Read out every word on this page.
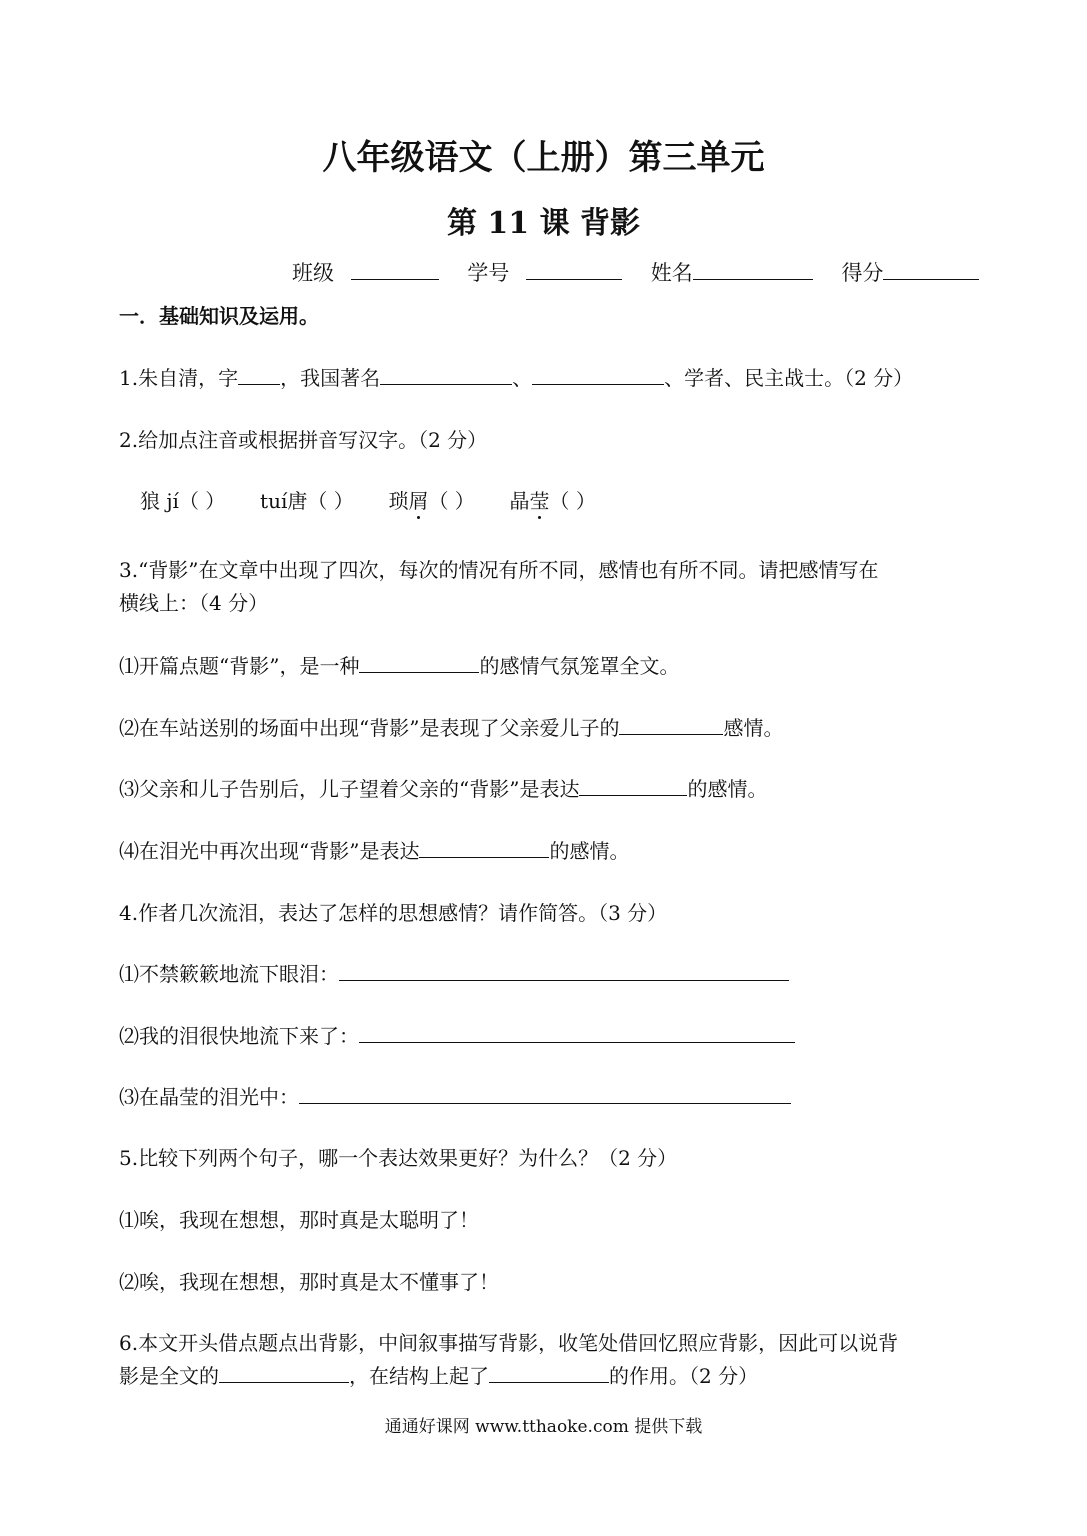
八年级语文（上册）第三单元
第 11 课 背影
班级	学号	姓名	得分
一．基础知识及运用。
1.朱自清，字 ，我国著名	、	、学者、民主战士。（2 分）
2.给加点注音或根据拼音写汉字。（2 分）
狼 jí（ ） tuí唐（ ） 琐屑（ ） 晶莹（ ）
3.“背影”在文章中出现了四次，每次的情况有所不同，感情也有所不同。请把感情写在
横线上：（4 分）
⑴开篇点题“背影”，是一种	的感情气氛笼罩全文。
⑵在车站送别的场面中出现“背影”是表现了父亲爱儿子的	感情。
⑶父亲和儿子告别后，儿子望着父亲的“背影”是表达	的感情。
⑷在泪光中再次出现“背影”是表达	的感情。
4.作者几次流泪，表达了怎样的思想感情？请作简答。（3 分）
⑴不禁簌簌地流下眼泪：
⑵我的泪很快地流下来了：
⑶在晶莹的泪光中：
5.比较下列两个句子，哪一个表达效果更好？为什么？（2 分）
⑴唉，我现在想想，那时真是太聪明了！
⑵唉，我现在想想，那时真是太不懂事了！
6.本文开头借点题点出背影，中间叙事描写背影，收笔处借回忆照应背影，因此可以说背
影是全文的	，在结构上起了	的作用。（2 分）
通通好课网 www.tthaoke.com 提供下载
